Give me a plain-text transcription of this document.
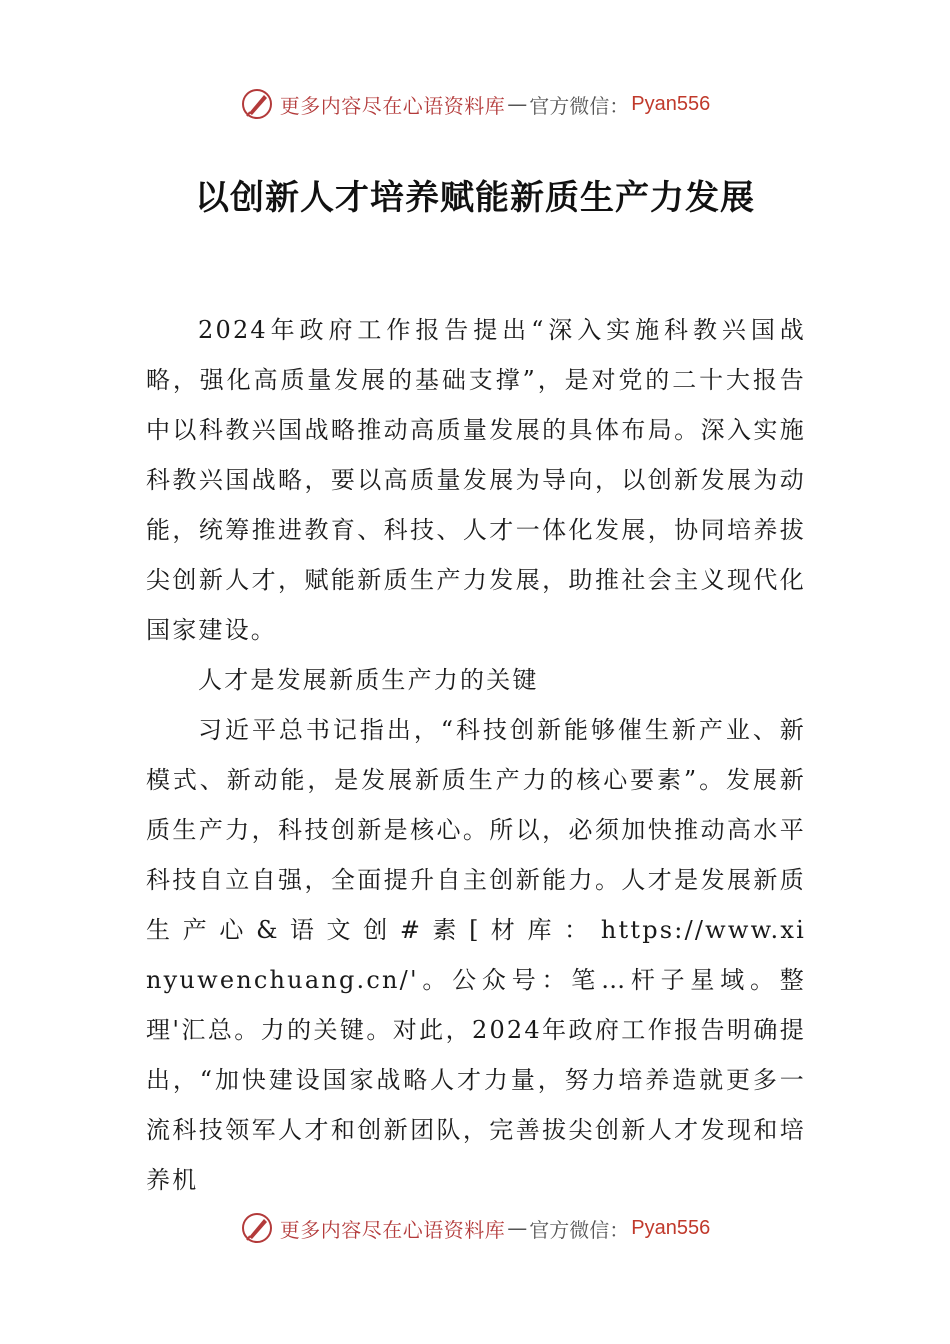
更多内容尽在心语资料库 — 官方微信： Pyan556
以创新人才培养赋能新质生产力发展

2024年政府工作报告提出“深入实施科教兴国战略，强化高质量发展的基础支撑”，是对党的二十大报告中以科教兴国战略推动高质量发展的具体布局。深入实施科教兴国战略，要以高质量发展为导向，以创新发展为动能，统筹推进教育、科技、人才一体化发展，协同培养拔尖创新人才，赋能新质生产力发展，助推社会主义现代化国家建设。

人才是发展新质生产力的关键

习近平总书记指出，“科技创新能够催生新产业、新模式、新动能，是发展新质生产力的核心要素”。发展新质生产力，科技创新是核心。所以，必须加快推动高水平科技自立自强，全面提升自主创新能力。人才是发展新质生 产 心 & 语 文 创 # 素 [ 材 库 ： https://www.xinyuwenchuang.cn/'。公众号：笔…杆子星域。整理'汇总。力的关键。对此，2024年政府工作报告明确提出，“加快建设国家战略人才力量，努力培养造就更多一流科技领军人才和创新团队，完善拔尖创新人才发现和培养机

更多内容尽在心语资料库 — 官方微信： Pyan556
